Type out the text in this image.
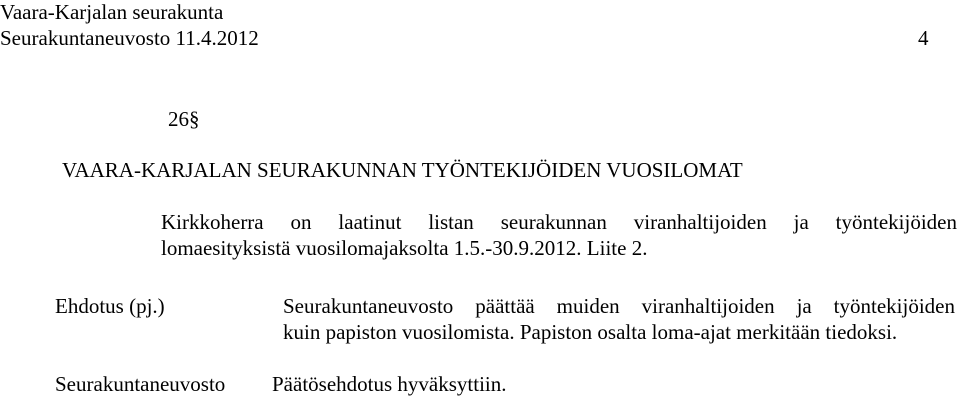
Vaara-Karjalan seurakunta
Seurakuntaneuvosto 11.4.2012	4
26§
VAARA-KARJALAN SEURAKUNNAN TYÖNTEKIJÖIDEN VUOSILOMAT
Kirkkoherra on laatinut listan seurakunnan viranhaltijoiden ja työntekijöiden
lomaesityksistä vuosilomajaksolta 1.5.-30.9.2012. Liite 2.
Ehdotus (pj.)	Seurakuntaneuvosto päättää muiden viranhaltijoiden ja työntekijöiden
kuin papiston vuosilomista. Papiston osalta loma-ajat merkitään tiedoksi.
Seurakuntaneuvosto Päätösehdotus hyväksyttiin.
